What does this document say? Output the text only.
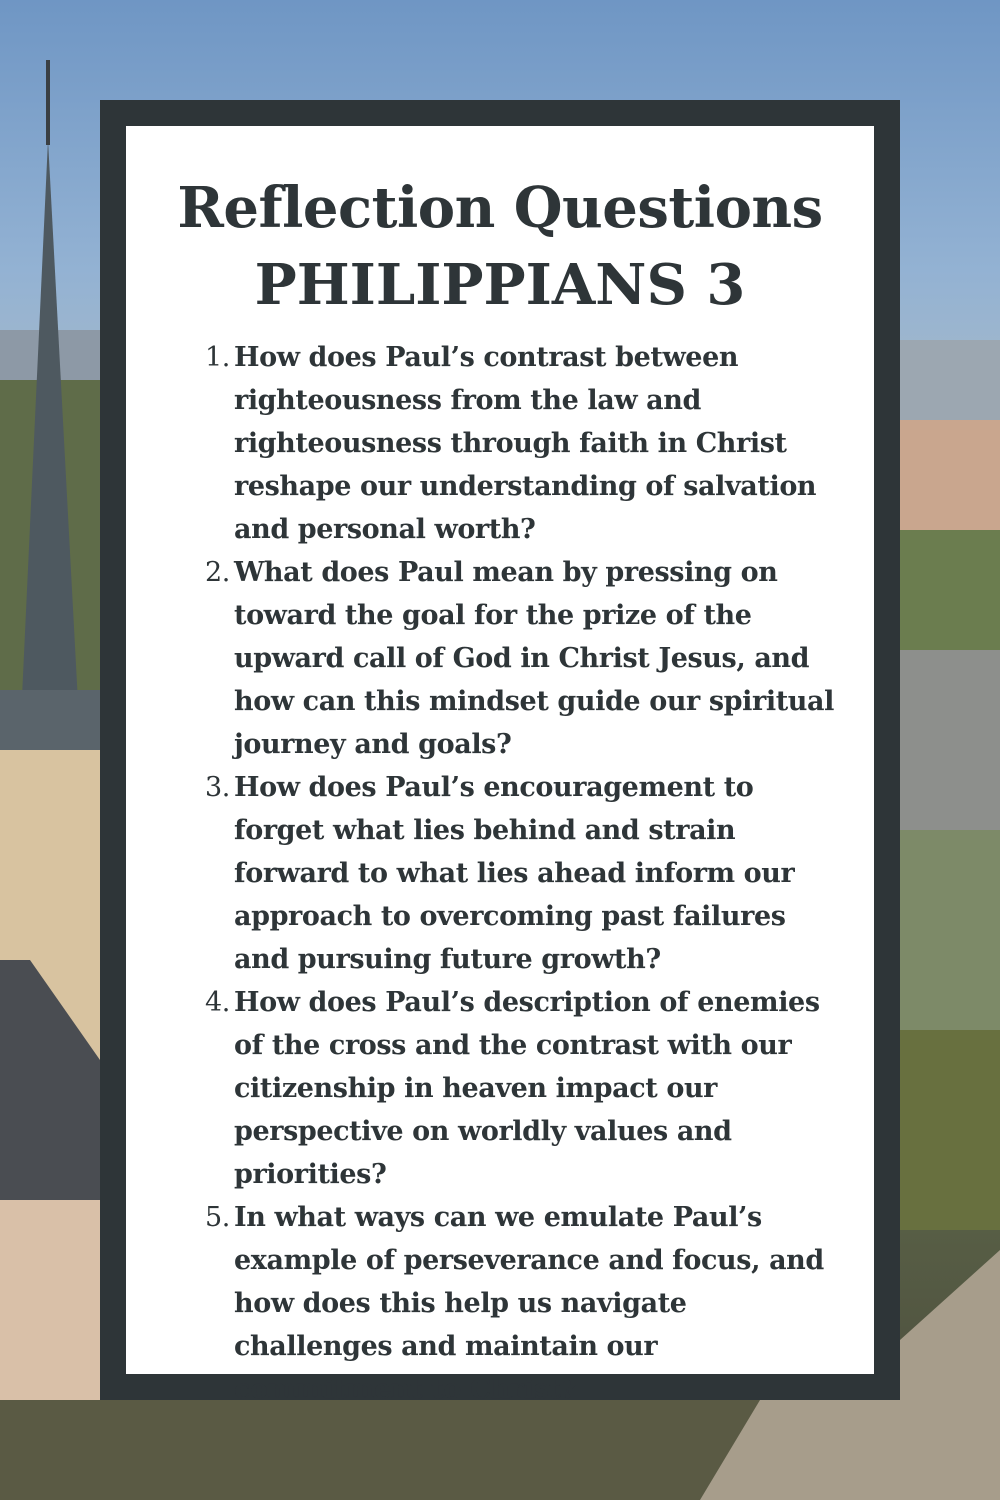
Reflection Questions
PHILIPPIANS 3
1. How does Paul’s contrast between righteousness from the law and righteousness through faith in Christ reshape our understanding of salvation and personal worth?
2. What does Paul mean by pressing on toward the goal for the prize of the upward call of God in Christ Jesus, and how can this mindset guide our spiritual journey and goals?
3. How does Paul’s encouragement to forget what lies behind and strain forward to what lies ahead inform our approach to overcoming past failures and pursuing future growth?
4. How does Paul’s description of enemies of the cross and the contrast with our citizenship in heaven impact our perspective on worldly values and priorities?
5. In what ways can we emulate Paul’s example of perseverance and focus, and how does this help us navigate challenges and maintain our commitment to Christ?
